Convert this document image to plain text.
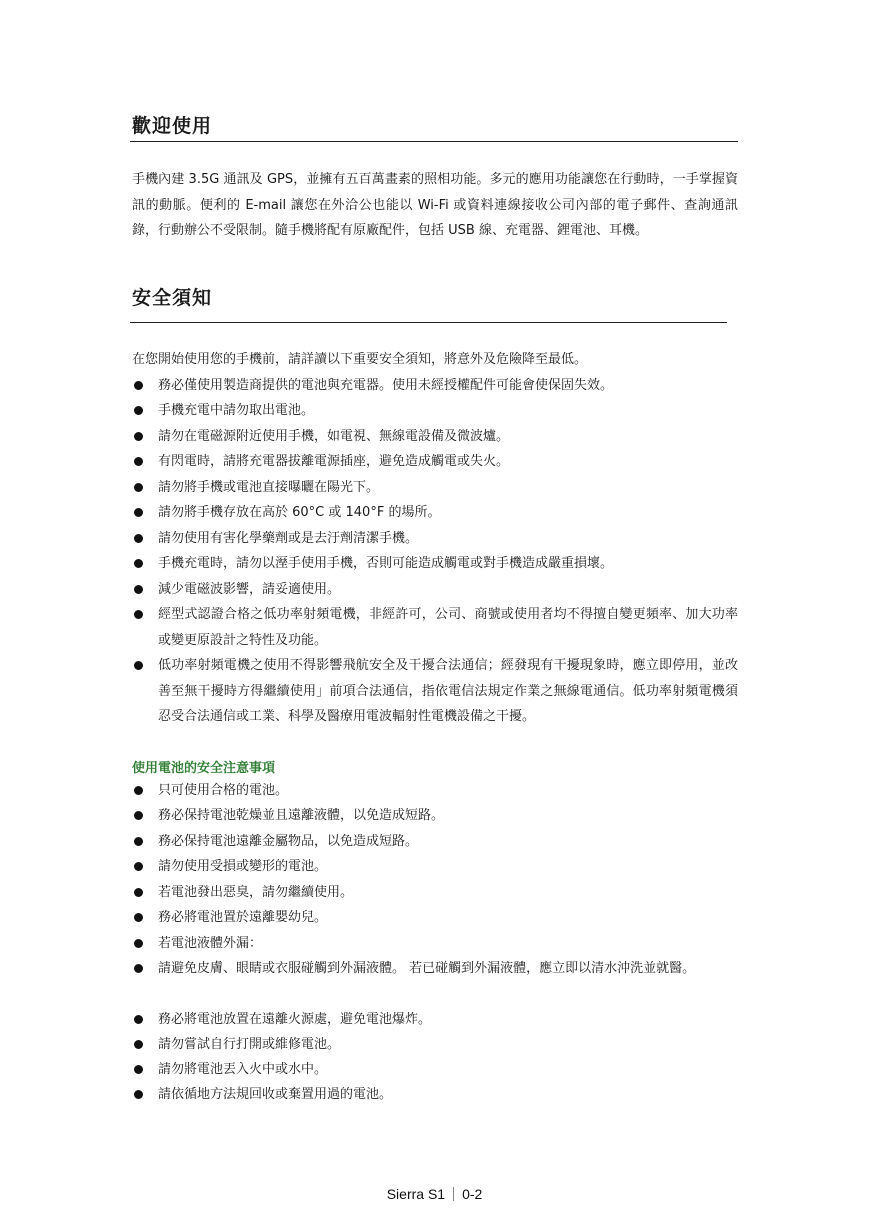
歡迎使用
手機內建 3.5G 通訊及 GPS，並擁有五百萬畫素的照相功能。多元的應用功能讓您在行動時，一手掌握資訊的動脈。便利的 E-mail 讓您在外洽公也能以 Wi-Fi 或資料連線接收公司內部的電子郵件、查詢通訊錄，行動辦公不受限制。隨手機將配有原廠配件，包括 USB 線、充電器、鋰電池、耳機。
安全須知
在您開始使用您的手機前，請詳讀以下重要安全須知，將意外及危險降至最低。
務必僅使用製造商提供的電池與充電器。使用未經授權配件可能會使保固失效。
手機充電中請勿取出電池。
請勿在電磁源附近使用手機，如電視、無線電設備及微波爐。
有閃電時，請將充電器拔離電源插座，避免造成觸電或失火。
請勿將手機或電池直接曝曬在陽光下。
請勿將手機存放在高於 60°C 或 140°F 的場所。
請勿使用有害化學藥劑或是去汙劑清潔手機。
手機充電時，請勿以溼手使用手機，否則可能造成觸電或對手機造成嚴重損壞。
減少電磁波影響，請妥適使用。
經型式認證合格之低功率射頻電機，非經許可，公司、商號或使用者均不得擅自變更頻率、加大功率或變更原設計之特性及功能。
低功率射頻電機之使用不得影響飛航安全及干擾合法通信；經發現有干擾現象時，應立即停用，並改善至無干擾時方得繼續使用」前項合法通信，指依電信法規定作業之無線電通信。低功率射頻電機須忍受合法通信或工業、科學及醫療用電波輻射性電機設備之干擾。
使用電池的安全注意事項
只可使用合格的電池。
務必保持電池乾燥並且遠離液體，以免造成短路。
務必保持電池遠離金屬物品，以免造成短路。
請勿使用受損或變形的電池。
若電池發出惡臭，請勿繼續使用。
務必將電池置於遠離嬰幼兒。
若電池液體外漏：
請避免皮膚、眼睛或衣服碰觸到外漏液體。 若已碰觸到外漏液體，應立即以清水沖洗並就醫。
務必將電池放置在遠離火源處，避免電池爆炸。
請勿嘗試自行打開或維修電池。
請勿將電池丟入火中或水中。
請依循地方法規回收或棄置用過的電池。
Sierra S1 0-2
